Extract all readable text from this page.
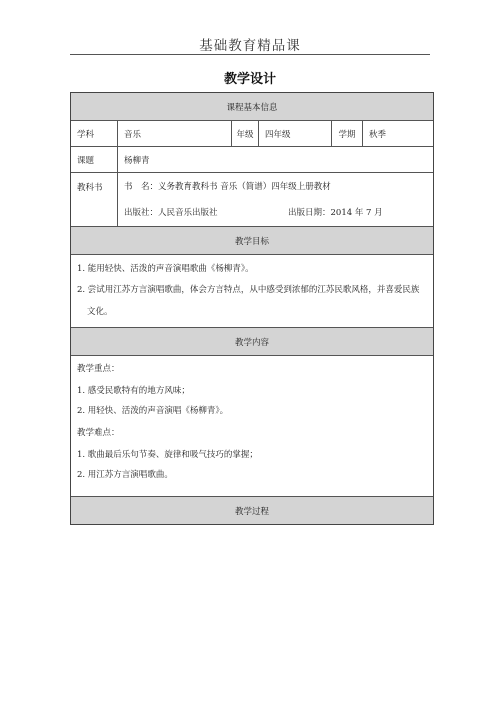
基础教育精品课
教学设计
课程基本信息
学科	音乐	年级	四年级	学期	秋季
课题	杨柳青
教科书	书　名：义务教育教科书 音乐（简谱）四年级上册教材
出版社：人民音乐出版社	出版日期：2014 年 7 月
教学目标
1. 能用轻快、活泼的声音演唱歌曲《杨柳青》。
2. 尝试用江苏方言演唱歌曲，体会方言特点，从中感受到浓郁的江苏民歌风格，并喜爱民族
文化。
教学内容

教学重点：

1. 感受民歌特有的地方风味；

2. 用轻快、活泼的声音演唱《杨柳青》。

教学难点：

1. 歌曲最后乐句节奏、旋律和吸气技巧的掌握；

2. 用江苏方言演唱歌曲。

教学过程
